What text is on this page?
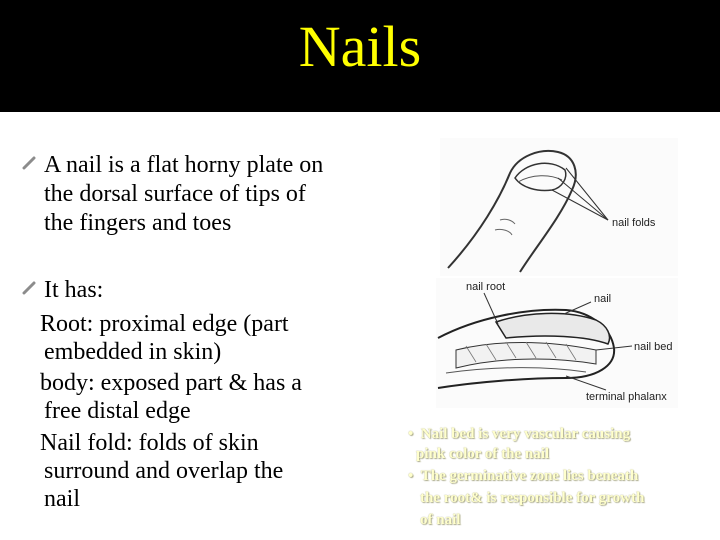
Nails
A nail is a flat horny plate on
the dorsal surface of tips of
the fingers and toes
It has:
Root: proximal edge (part
embedded in skin)
body: exposed part & has a
free distal edge
Nail fold: folds of skin
surround and overlap the
nail
nail folds
nail root
nail
nail bed
terminal phalanx
• Nail bed is very vascular causing
pink color of the nail
• The germinative zone lies beneath
the root& is responsible for growth
of nail
